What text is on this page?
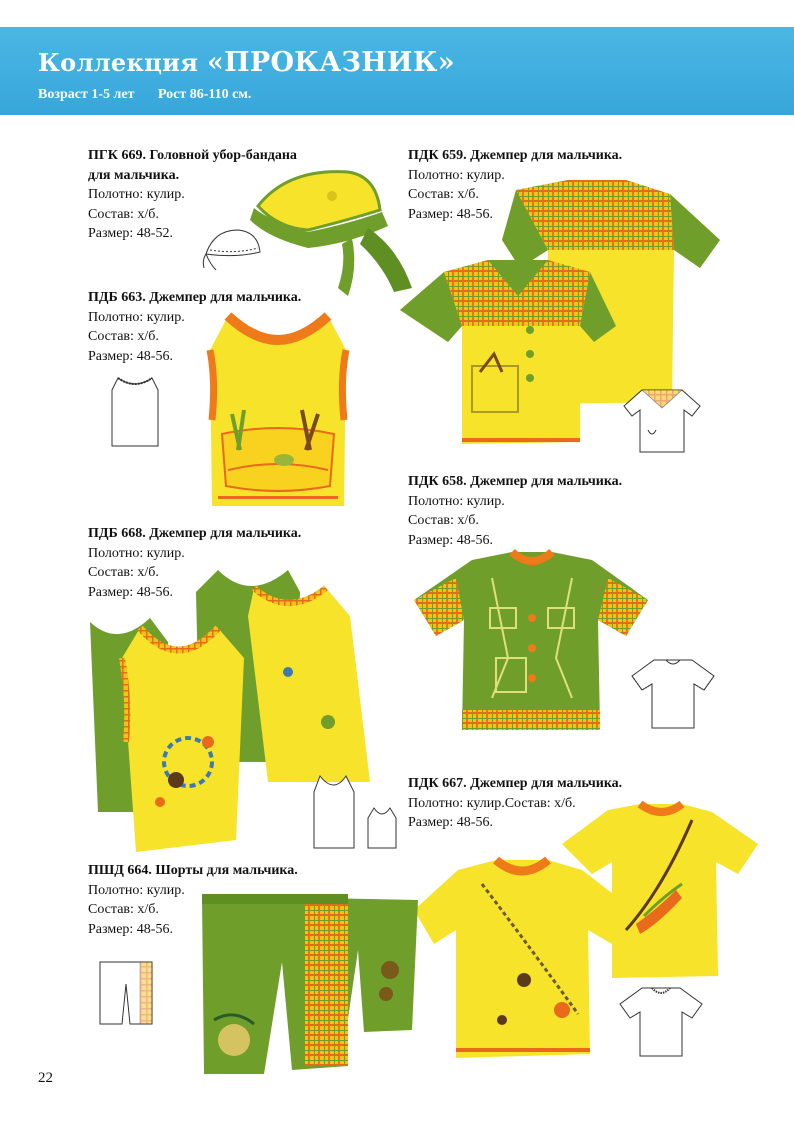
Коллекция «ПРОКАЗНИК»
Возраст 1-5 лет Рост 86-110 см.
ПГК 669. Головной убор-бандана
для мальчика.
Полотно: кулир.
Состав: х/б.
Размер: 48-52.
ПДБ 663. Джемпер для мальчика.
Полотно: кулир.
Состав: х/б.
Размер: 48-56.
ПДБ 668. Джемпер для мальчика.
Полотно: кулир.
Состав: х/б.
Размер: 48-56.
ПШД 664. Шорты для мальчика.
Полотно: кулир.
Состав: х/б.
Размер: 48-56.
ПДК 659. Джемпер для мальчика.
Полотно: кулир.
Состав: х/б.
Размер: 48-56.
ПДК 658. Джемпер для мальчика.
Полотно: кулир.
Состав: х/б.
Размер: 48-56.
ПДК 667. Джемпер для мальчика.
Полотно: кулир.Состав: х/б.
Размер: 48-56.
22
